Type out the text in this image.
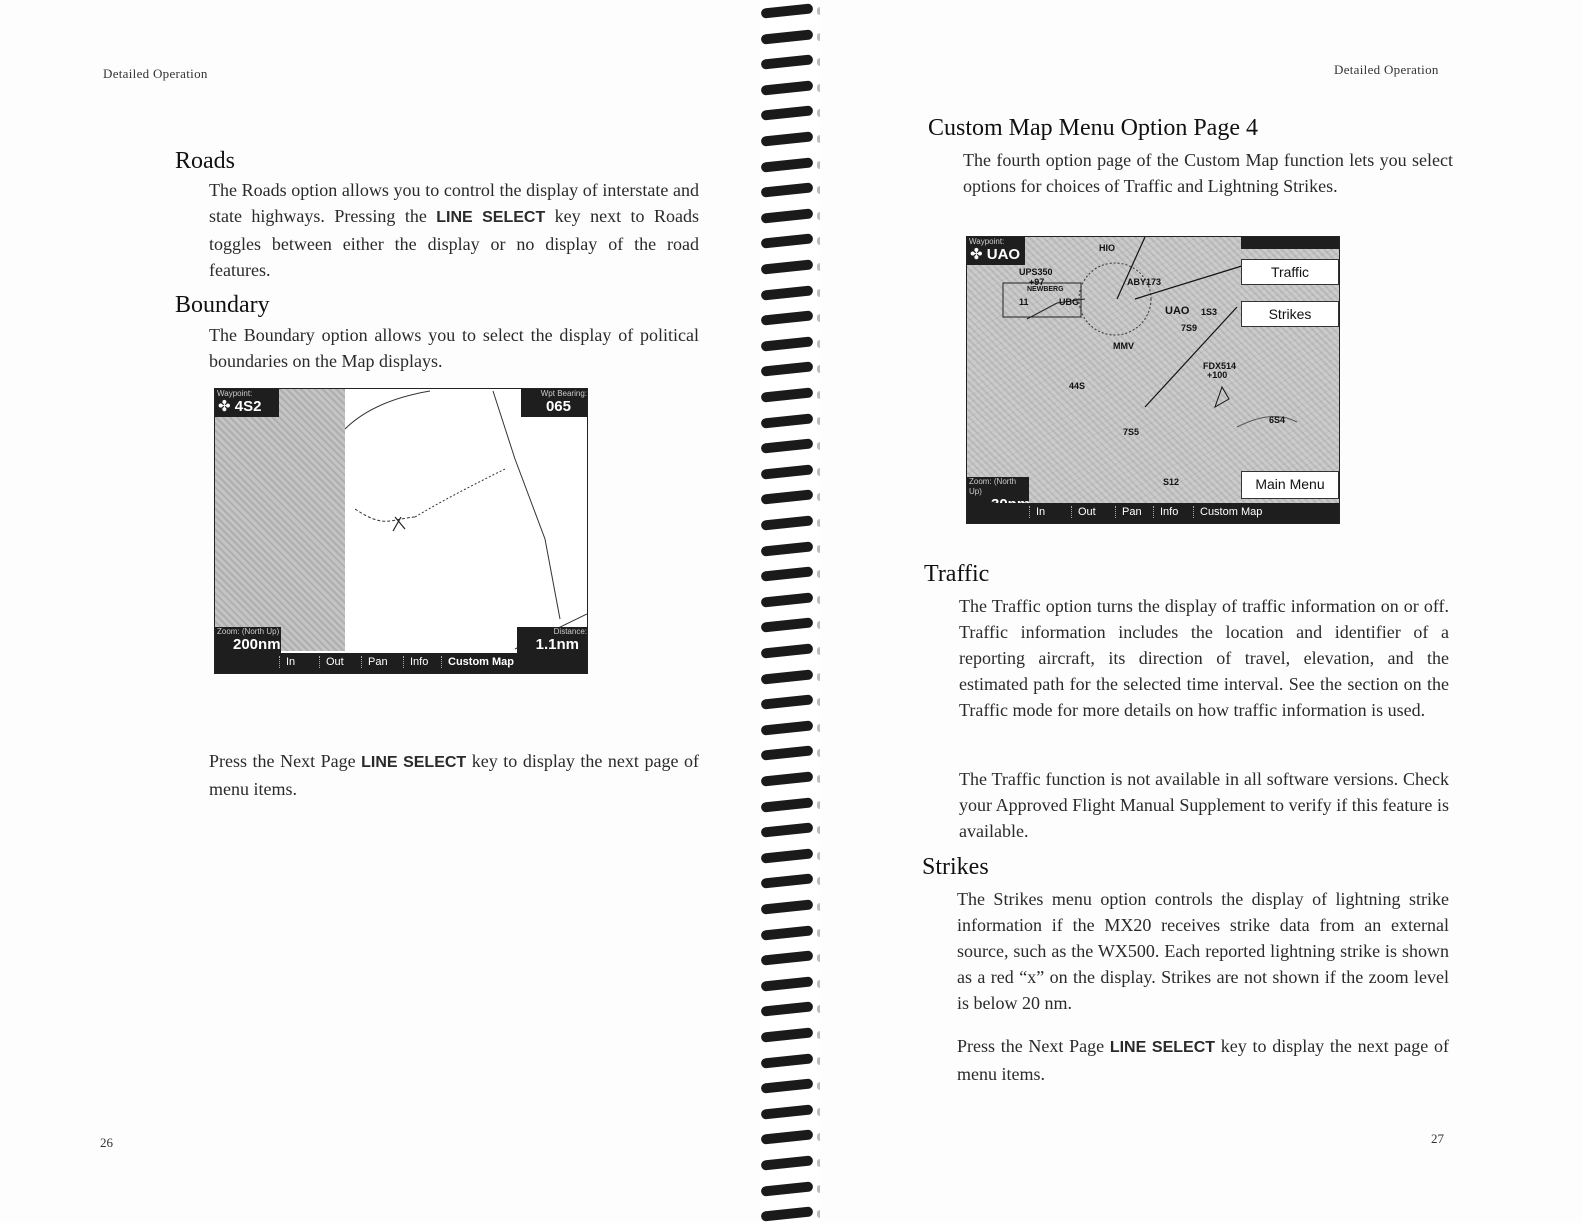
Detailed Operation
Roads

The Roads option allows you to control the display of interstate and state highways. Pressing the LINE SELECT key next to Roads toggles between either the display or no display of the road features.

Boundary

The Boundary option allows you to select the display of political boundaries on the Map displays.

Waypoint:
✤ 4S2
Wpt Bearing:
065
Zoom: (North Up)
200nm
Distance:
1.1nm
In	Out	Pan	Info	Custom Map

Press the Next Page LINE SELECT key to display the next page of menu items.

26
Detailed Operation
Custom Map Menu Option Page 4

The fourth option page of the Custom Map function lets you select options for choices of Traffic and Lightning Strikes.

UPS350
+97
NEWBERG
11	UBG
HIO
ABY173
UAO 1S3
7S9
MMV
FDX514
+100
44S
7S5
6S4
S12
Waypoint:
✤ UAO
Zoom: (North Up)
Traffic
Strikes
Main Menu
In	Out	Pan	Info	Custom Map
Traffic

The Traffic option turns the display of traffic information on or off. Traffic information includes the location and identifier of a reporting aircraft, its direction of travel, elevation, and the estimated path for the selected time interval. See the section on the Traffic mode for more details on how traffic information is used.

The Traffic function is not available in all software versions. Check your Approved Flight Manual Supplement to verify if this feature is available.

Strikes

The Strikes menu option controls the display of lightning strike information if the MX20 receives strike data from an external source, such as the WX500. Each reported lightning strike is shown as a red “x” on the display. Strikes are not shown if the zoom level is below 20 nm.

Press the Next Page LINE SELECT key to display the next page of menu items.

27
